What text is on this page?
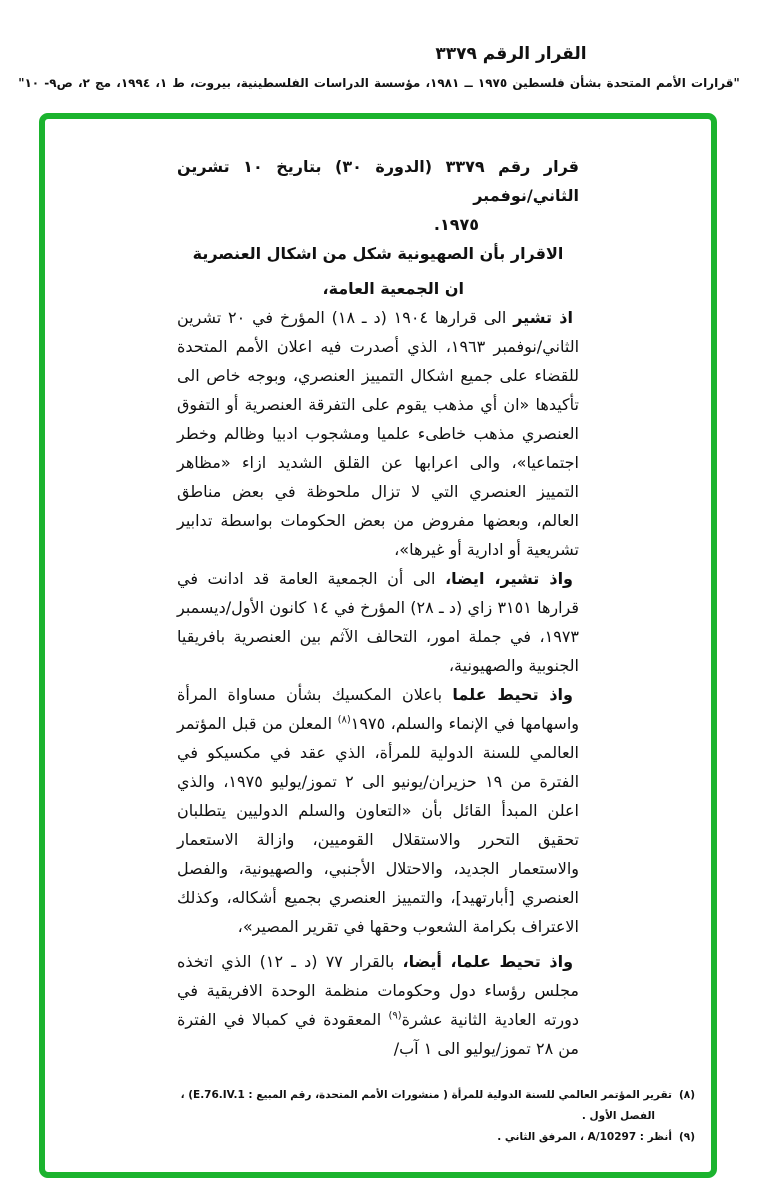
القرار الرقم ٣٣٧٩
"قرارات الأمم المتحدة بشأن فلسطين ١٩٧٥ ــ ١٩٨١، مؤسسة الدراسات الفلسطينية، بيروت، ط ١، ١٩٩٤، مج ٢، ص٩- ١٠"
قرار رقم ٣٣٧٩ (الدورة ٣٠) بتاريخ ١٠ تشرين الثاني/نوفمبر
١٩٧٥.
الاقرار بأن الصهيونية شكل من اشكال العنصرية
ان الجمعية العامة،

اذ تشير الى قرارها ١٩٠٤ (د ـ ١٨) المؤرخ في ٢٠ تشرين الثاني/نوفمبر ١٩٦٣، الذي أصدرت فيه اعلان الأمم المتحدة للقضاء على جميع اشكال التمييز العنصري، وبوجه خاص الى تأكيدها «ان أي مذهب يقوم على التفرقة العنصرية أو التفوق العنصري مذهب خاطىء علميا ومشجوب ادبيا وظالم وخطر اجتماعيا»، والى اعرابها عن القلق الشديد ازاء «مظاهر التمييز العنصري التي لا تزال ملحوظة في بعض مناطق العالم، وبعضها مفروض من بعض الحكومات بواسطة تدابير تشريعية أو ادارية أو غيرها»،

واذ تشير، ايضا، الى أن الجمعية العامة قد ادانت في قرارها ٣١٥١ زاي (د ـ ٢٨) المؤرخ في ١٤ كانون الأول/ديسمبر ١٩٧٣، في جملة امور، التحالف الآثم بين العنصرية بافريقيا الجنوبية والصهيونية،

واذ تحيط علما باعلان المكسيك بشأن مساواة المرأة واسهامها في الإنماء والسلم، ١٩٧٥$^{(٨)}$ المعلن من قبل المؤتمر العالمي للسنة الدولية للمرأة، الذي عقد في مكسيكو في الفترة من ١٩ حزيران/يونيو الى ٢ تموز/يوليو ١٩٧٥، والذي اعلن المبدأ القائل بأن «التعاون والسلم الدوليين يتطلبان تحقيق التحرر والاستقلال القوميين، وازالة الاستعمار والاستعمار الجديد، والاحتلال الأجنبي، والصهيونية، والفصل العنصري [أبارتهيد]، والتمييز العنصري بجميع أشكاله، وكذلك الاعتراف بكرامة الشعوب وحقها في تقرير المصير»،

واذ تحيط علما، أيضا، بالقرار ٧٧ (د ـ ١٢) الذي اتخذه مجلس رؤساء دول وحكومات منظمة الوحدة الافريقية في دورته العادية الثانية عشرة$^{(٩)}$ المعقودة في كمبالا في الفترة من ٢٨ تموز/يوليو الى ١ آب/

(٨)تقرير المؤتمر العالمي للسنة الدولية للمرأة ( منشورات الأمم المتحدة، رقم المبيع : E.76.IV.1) ،
الفصل الأول .
(٩)أنظر : A/10297 ، المرفق الثاني .
